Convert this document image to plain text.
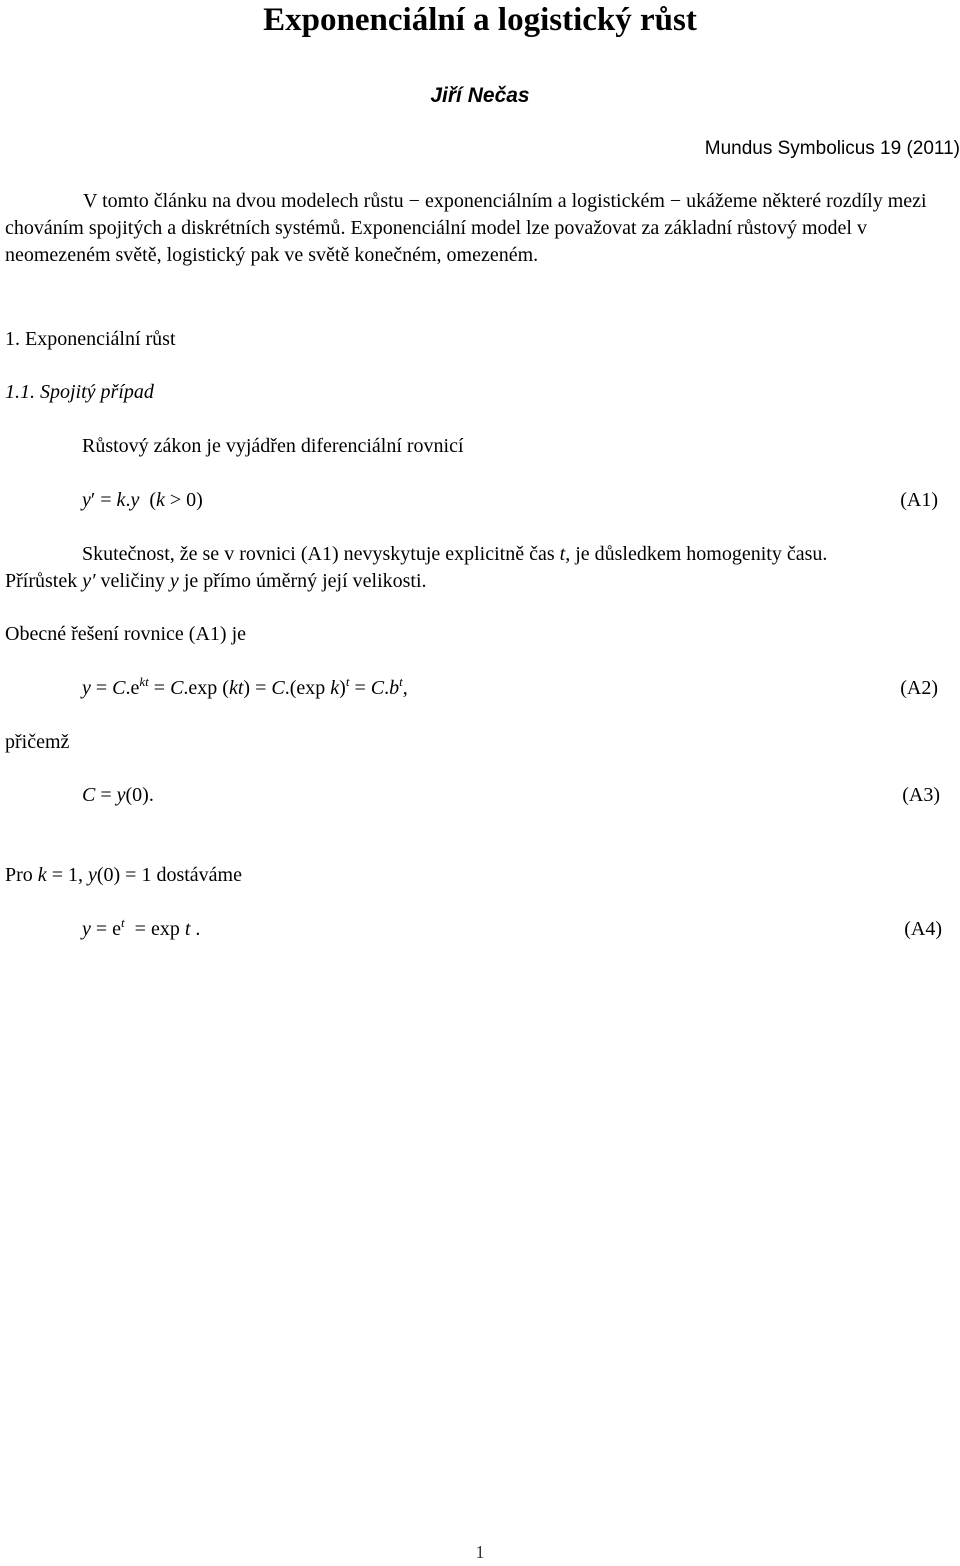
Exponenciální a logistický růst
Jiří Nečas
Mundus Symbolicus 19 (2011)
V tomto článku na dvou modelech růstu − exponenciálním a logistickém − ukážeme některé rozdíly mezi chováním spojitých a diskrétních systémů. Exponenciální model lze považovat za základní růstový model v neomezeném světě, logistický pak ve světě konečném, omezeném.
1. Exponenciální růst
1.1. Spojitý případ
Růstový zákon je vyjádřen diferenciální rovnicí
y′ = k.y  (k > 0)	(A1)
Skutečnost, že se v rovnici (A1) nevyskytuje explicitně čas t, je důsledkem homogenity času.
Přírůstek y′ veličiny y je přímo úměrný její velikosti.
Obecné řešení rovnice (A1) je
$y = C.e^{kt} = C.\exp$ (kt) = C.(exp $k)^t = C.b^t$,	(A2)
přičemž
C = y(0).	(A3)
Pro k = 1, y(0) = 1 dostáváme
$y = e^t = \exp t$ .	(A4)
1
